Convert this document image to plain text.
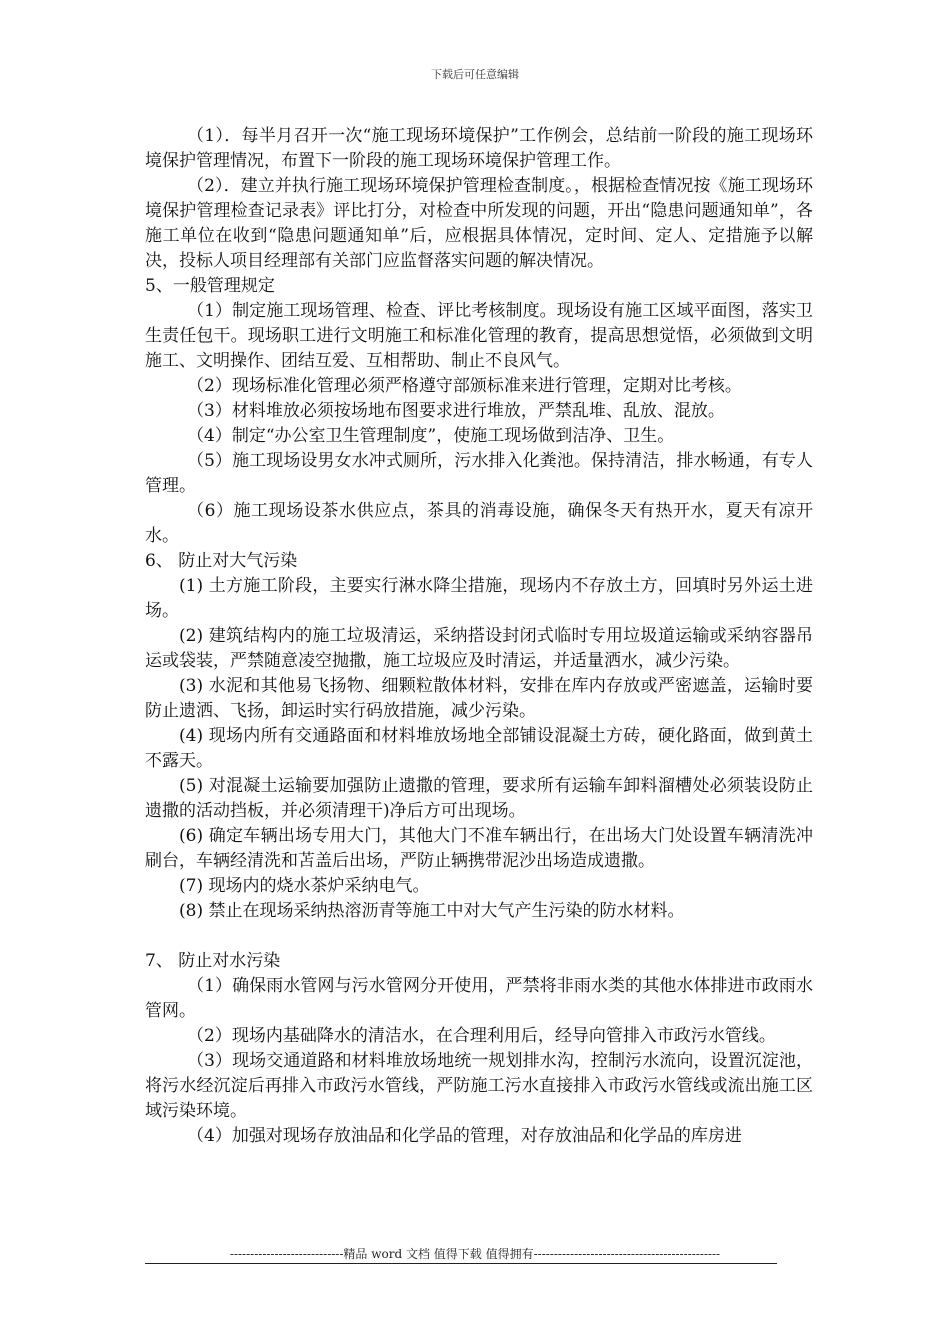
下载后可任意编辑

（1）．每半月召开一次“施工现场环境保护”工作例会，总结前一阶段的施工现场环境保护管理情况，布置下一阶段的施工现场环境保护管理工作。

（2）．建立并执行施工现场环境保护管理检查制度。，根据检查情况按《施工现场环境保护管理检查记录表》评比打分，对检查中所发现的问题，开出“隐患问题通知单”，各施工单位在收到“隐患问题通知单”后，应根据具体情况，定时间、定人、定措施予以解决，投标人项目经理部有关部门应监督落实问题的解决情况。

5、一般管理规定

（1）制定施工现场管理、检查、评比考核制度。现场设有施工区域平面图，落实卫生责任包干。现场职工进行文明施工和标准化管理的教育，提高思想觉悟，必须做到文明施工、文明操作、团结互爱、互相帮助、制止不良风气。

（2）现场标准化管理必须严格遵守部颁标准来进行管理，定期对比考核。

（3）材料堆放必须按场地布图要求进行堆放，严禁乱堆、乱放、混放。

（4）制定“办公室卫生管理制度”，使施工现场做到洁净、卫生。

（5）施工现场设男女水冲式厕所，污水排入化粪池。保持清洁，排水畅通，有专人管理。

（6）施工现场设茶水供应点，茶具的消毒设施，确保冬天有热开水，夏天有凉开水。

6、 防止对大气污染

(1) 土方施工阶段，主要实行淋水降尘措施，现场内不存放土方，回填时另外运土进场。

(2) 建筑结构内的施工垃圾清运，采纳搭设封闭式临时专用垃圾道运输或采纳容器吊运或袋装，严禁随意凌空抛撒，施工垃圾应及时清运，并适量洒水，减少污染。

(3) 水泥和其他易飞扬物、细颗粒散体材料，安排在库内存放或严密遮盖，运输时要防止遗洒、飞扬，卸运时实行码放措施，减少污染。

(4) 现场内所有交通路面和材料堆放场地全部铺设混凝土方砖，硬化路面，做到黄土不露天。

(5) 对混凝土运输要加强防止遗撒的管理，要求所有运输车卸料溜槽处必须装设防止遗撒的活动挡板，并必须清理干)净后方可出现场。

(6) 确定车辆出场专用大门，其他大门不准车辆出行，在出场大门处设置车辆清洗冲刷台，车辆经清洗和苫盖后出场，严防止辆携带泥沙出场造成遗撒。

(7) 现场内的烧水茶炉采纳电气。

(8) 禁止在现场采纳热溶沥青等施工中对大气产生污染的防水材料。

7、 防止对水污染

（1）确保雨水管网与污水管网分开使用，严禁将非雨水类的其他水体排进市政雨水管网。

（2）现场内基础降水的清洁水，在合理利用后，经导向管排入市政污水管线。

（3）现场交通道路和材料堆放场地统一规划排水沟，控制污水流向，设置沉淀池，将污水经沉淀后再排入市政污水管线，严防施工污水直接排入市政污水管线或流出施工区域污染环境。

（4）加强对现场存放油品和化学品的管理，对存放油品和化学品的库房进

----------------------------精品 word 文档 值得下载 值得拥有----------------------------------------------
